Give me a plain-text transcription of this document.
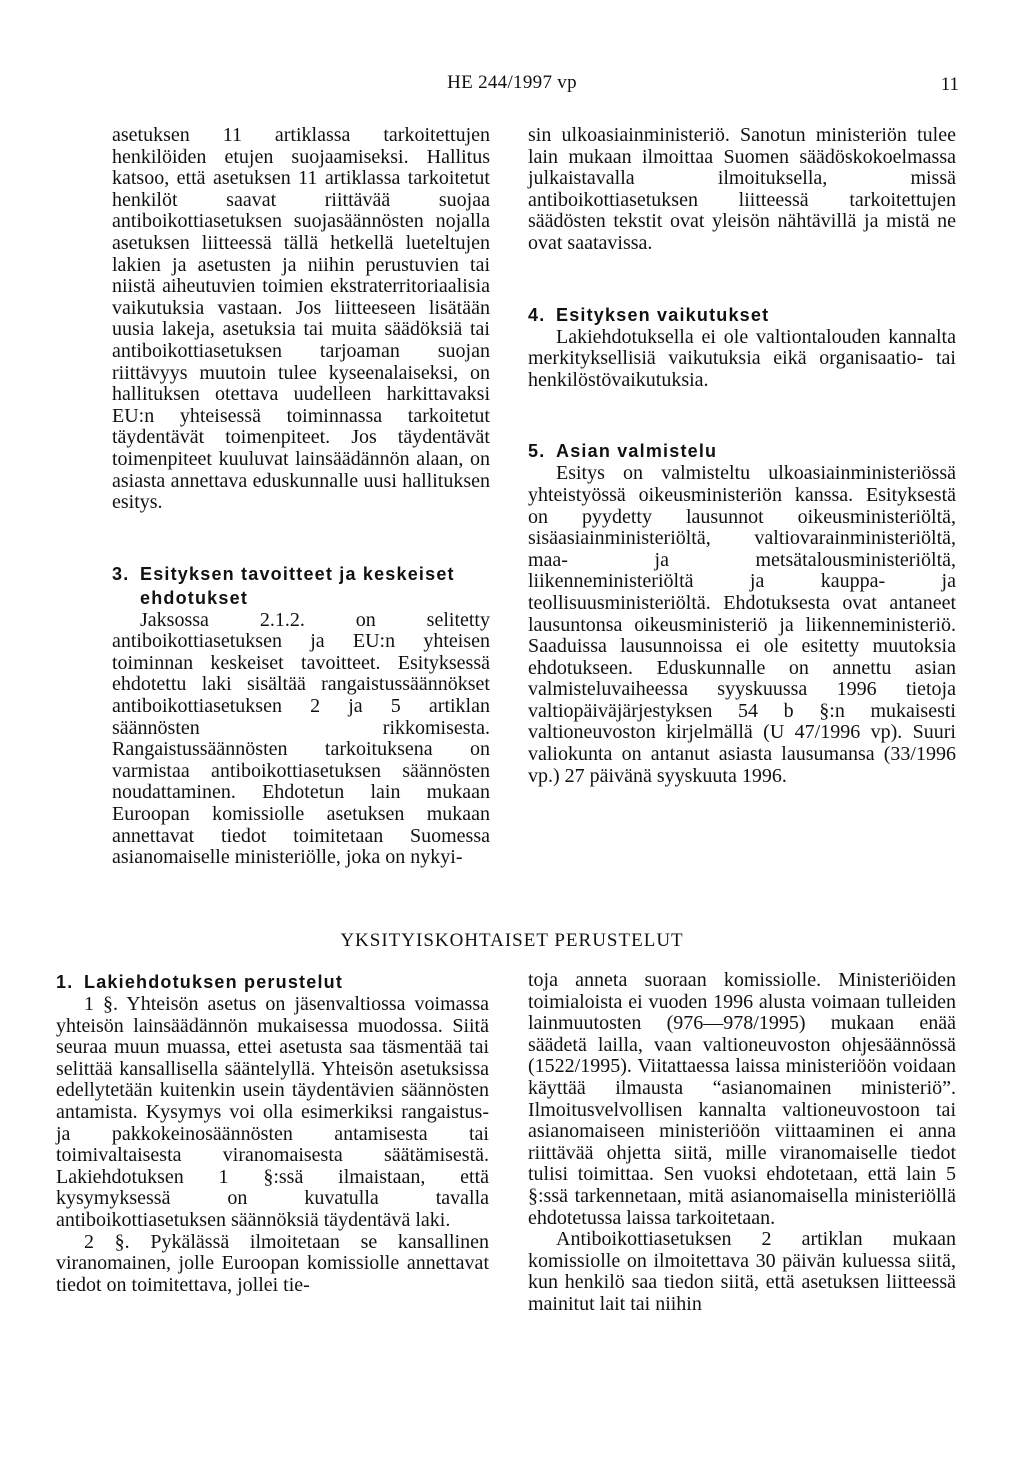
HE 244/1997 vp	11

asetuksen 11 artiklassa tarkoitettujen henkilöiden etujen suojaamiseksi. Hallitus katsoo, että asetuksen 11 artiklassa tarkoitetut henkilöt saavat riittävää suojaa antiboikottiasetuksen suojasäännösten nojalla asetuksen liitteessä tällä hetkellä lueteltujen lakien ja asetusten ja niihin perustuvien tai niistä aiheutuvien toimien ekstraterritoriaalisia vaikutuksia vastaan. Jos liitteeseen lisätään uusia lakeja, asetuksia tai muita säädöksiä tai antiboikottiasetuksen tarjoaman suojan riittävyys muutoin tulee kyseenalaiseksi, on hallituksen otettava uudelleen harkittavaksi EU:n yhteisessä toiminnassa tarkoitetut täydentävät toimenpiteet. Jos täydentävät toimenpiteet kuuluvat lainsäädännön alaan, on asiasta annettava eduskunnalle uusi hallituksen esitys.

3. Esityksen tavoitteet ja keskeiset ehdotukset

Jaksossa 2.1.2. on selitetty antiboikottiasetuksen ja EU:n yhteisen toiminnan keskeiset tavoitteet. Esityksessä ehdotettu laki sisältää rangaistussäännökset antiboikottiasetuksen 2 ja 5 artiklan säännösten rikkomisesta. Rangaistussäännösten tarkoituksena on varmistaa antiboikottiasetuksen säännösten noudattaminen. Ehdotetun lain mukaan Euroopan komissiolle asetuksen mukaan annettavat tiedot toimitetaan Suomessa asianomaiselle ministeriölle, joka on nykyi-

sin ulkoasiainministeriö. Sanotun ministeriön tulee lain mukaan ilmoittaa Suomen säädöskokoelmassa julkaistavalla ilmoituksella, missä antiboikottiasetuksen liitteessä tarkoitettujen säädösten tekstit ovat yleisön nähtävillä ja mistä ne ovat saatavissa.

4. Esityksen vaikutukset

Lakiehdotuksella ei ole valtiontalouden kannalta merkityksellisiä vaikutuksia eikä organisaatio- tai henkilöstövaikutuksia.

5. Asian valmistelu

Esitys on valmisteltu ulkoasiainministeriössä yhteistyössä oikeusministeriön kanssa. Esityksestä on pyydetty lausunnot oikeusministeriöltä, sisäasiainministeriöltä, valtiovarainministeriöltä, maa- ja metsätalousministeriöltä, liikenneministeriöltä ja kauppa- ja teollisuusministeriöltä. Ehdotuksesta ovat antaneet lausuntonsa oikeusministeriö ja liikenneministeriö. Saaduissa lausunnoissa ei ole esitetty muutoksia ehdotukseen. Eduskunnalle on annettu asian valmisteluvaiheessa syyskuussa 1996 tietoja valtiopäiväjärjestyksen 54 b §:n mukaisesti valtioneuvoston kirjelmällä (U 47/1996 vp). Suuri valiokunta on antanut asiasta lausumansa (33/1996 vp.) 27 päivänä syyskuuta 1996.

YKSITYISKOHTAISET PERUSTELUT
1. Lakiehdotuksen perustelut

1 §. Yhteisön asetus on jäsenvaltiossa voimassa yhteisön lainsäädännön mukaisessa muodossa. Siitä seuraa muun muassa, ettei asetusta saa täsmentää tai selittää kansallisella sääntelyllä. Yhteisön asetuksissa edellytetään kuitenkin usein täydentävien säännösten antamista. Kysymys voi olla esimerkiksi rangaistus- ja pakkokeinosäännösten antamisesta tai toimivaltaisesta viranomaisesta säätämisestä. Lakiehdotuksen 1 §:ssä ilmaistaan, että kysymyksessä on kuvatulla tavalla antiboikottiasetuksen säännöksiä täydentävä laki.

2 §. Pykälässä ilmoitetaan se kansallinen viranomainen, jolle Euroopan komissiolle annettavat tiedot on toimitettava, jollei tie-

toja anneta suoraan komissiolle. Ministeriöiden toimialoista ei vuoden 1996 alusta voimaan tulleiden lainmuutosten (976—978/1995) mukaan enää säädetä lailla, vaan valtioneuvoston ohjesäännössä (1522/1995). Viitattaessa laissa ministeriöön voidaan käyttää ilmausta “asianomainen ministeriö”. Ilmoitusvelvollisen kannalta valtioneuvostoon tai asianomaiseen ministeriöön viittaaminen ei anna riittävää ohjetta siitä, mille viranomaiselle tiedot tulisi toimittaa. Sen vuoksi ehdotetaan, että lain 5 §:ssä tarkennetaan, mitä asianomaisella ministeriöllä ehdotetussa laissa tarkoitetaan.

Antiboikottiasetuksen 2 artiklan mukaan komissiolle on ilmoitettava 30 päivän kuluessa siitä, kun henkilö saa tiedon siitä, että asetuksen liitteessä mainitut lait tai niihin
